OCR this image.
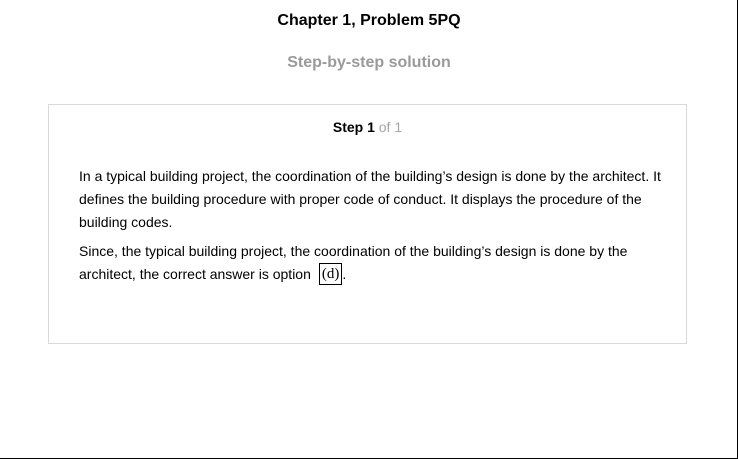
Chapter 1, Problem 5PQ
Step-by-step solution
Step 1 of 1

In a typical building project, the coordination of the building’s design is done by the architect. It defines the building procedure with proper code of conduct. It displays the procedure of the building codes.

Since, the typical building project, the coordination of the building’s design is done by the architect, the correct answer is option (d) .
